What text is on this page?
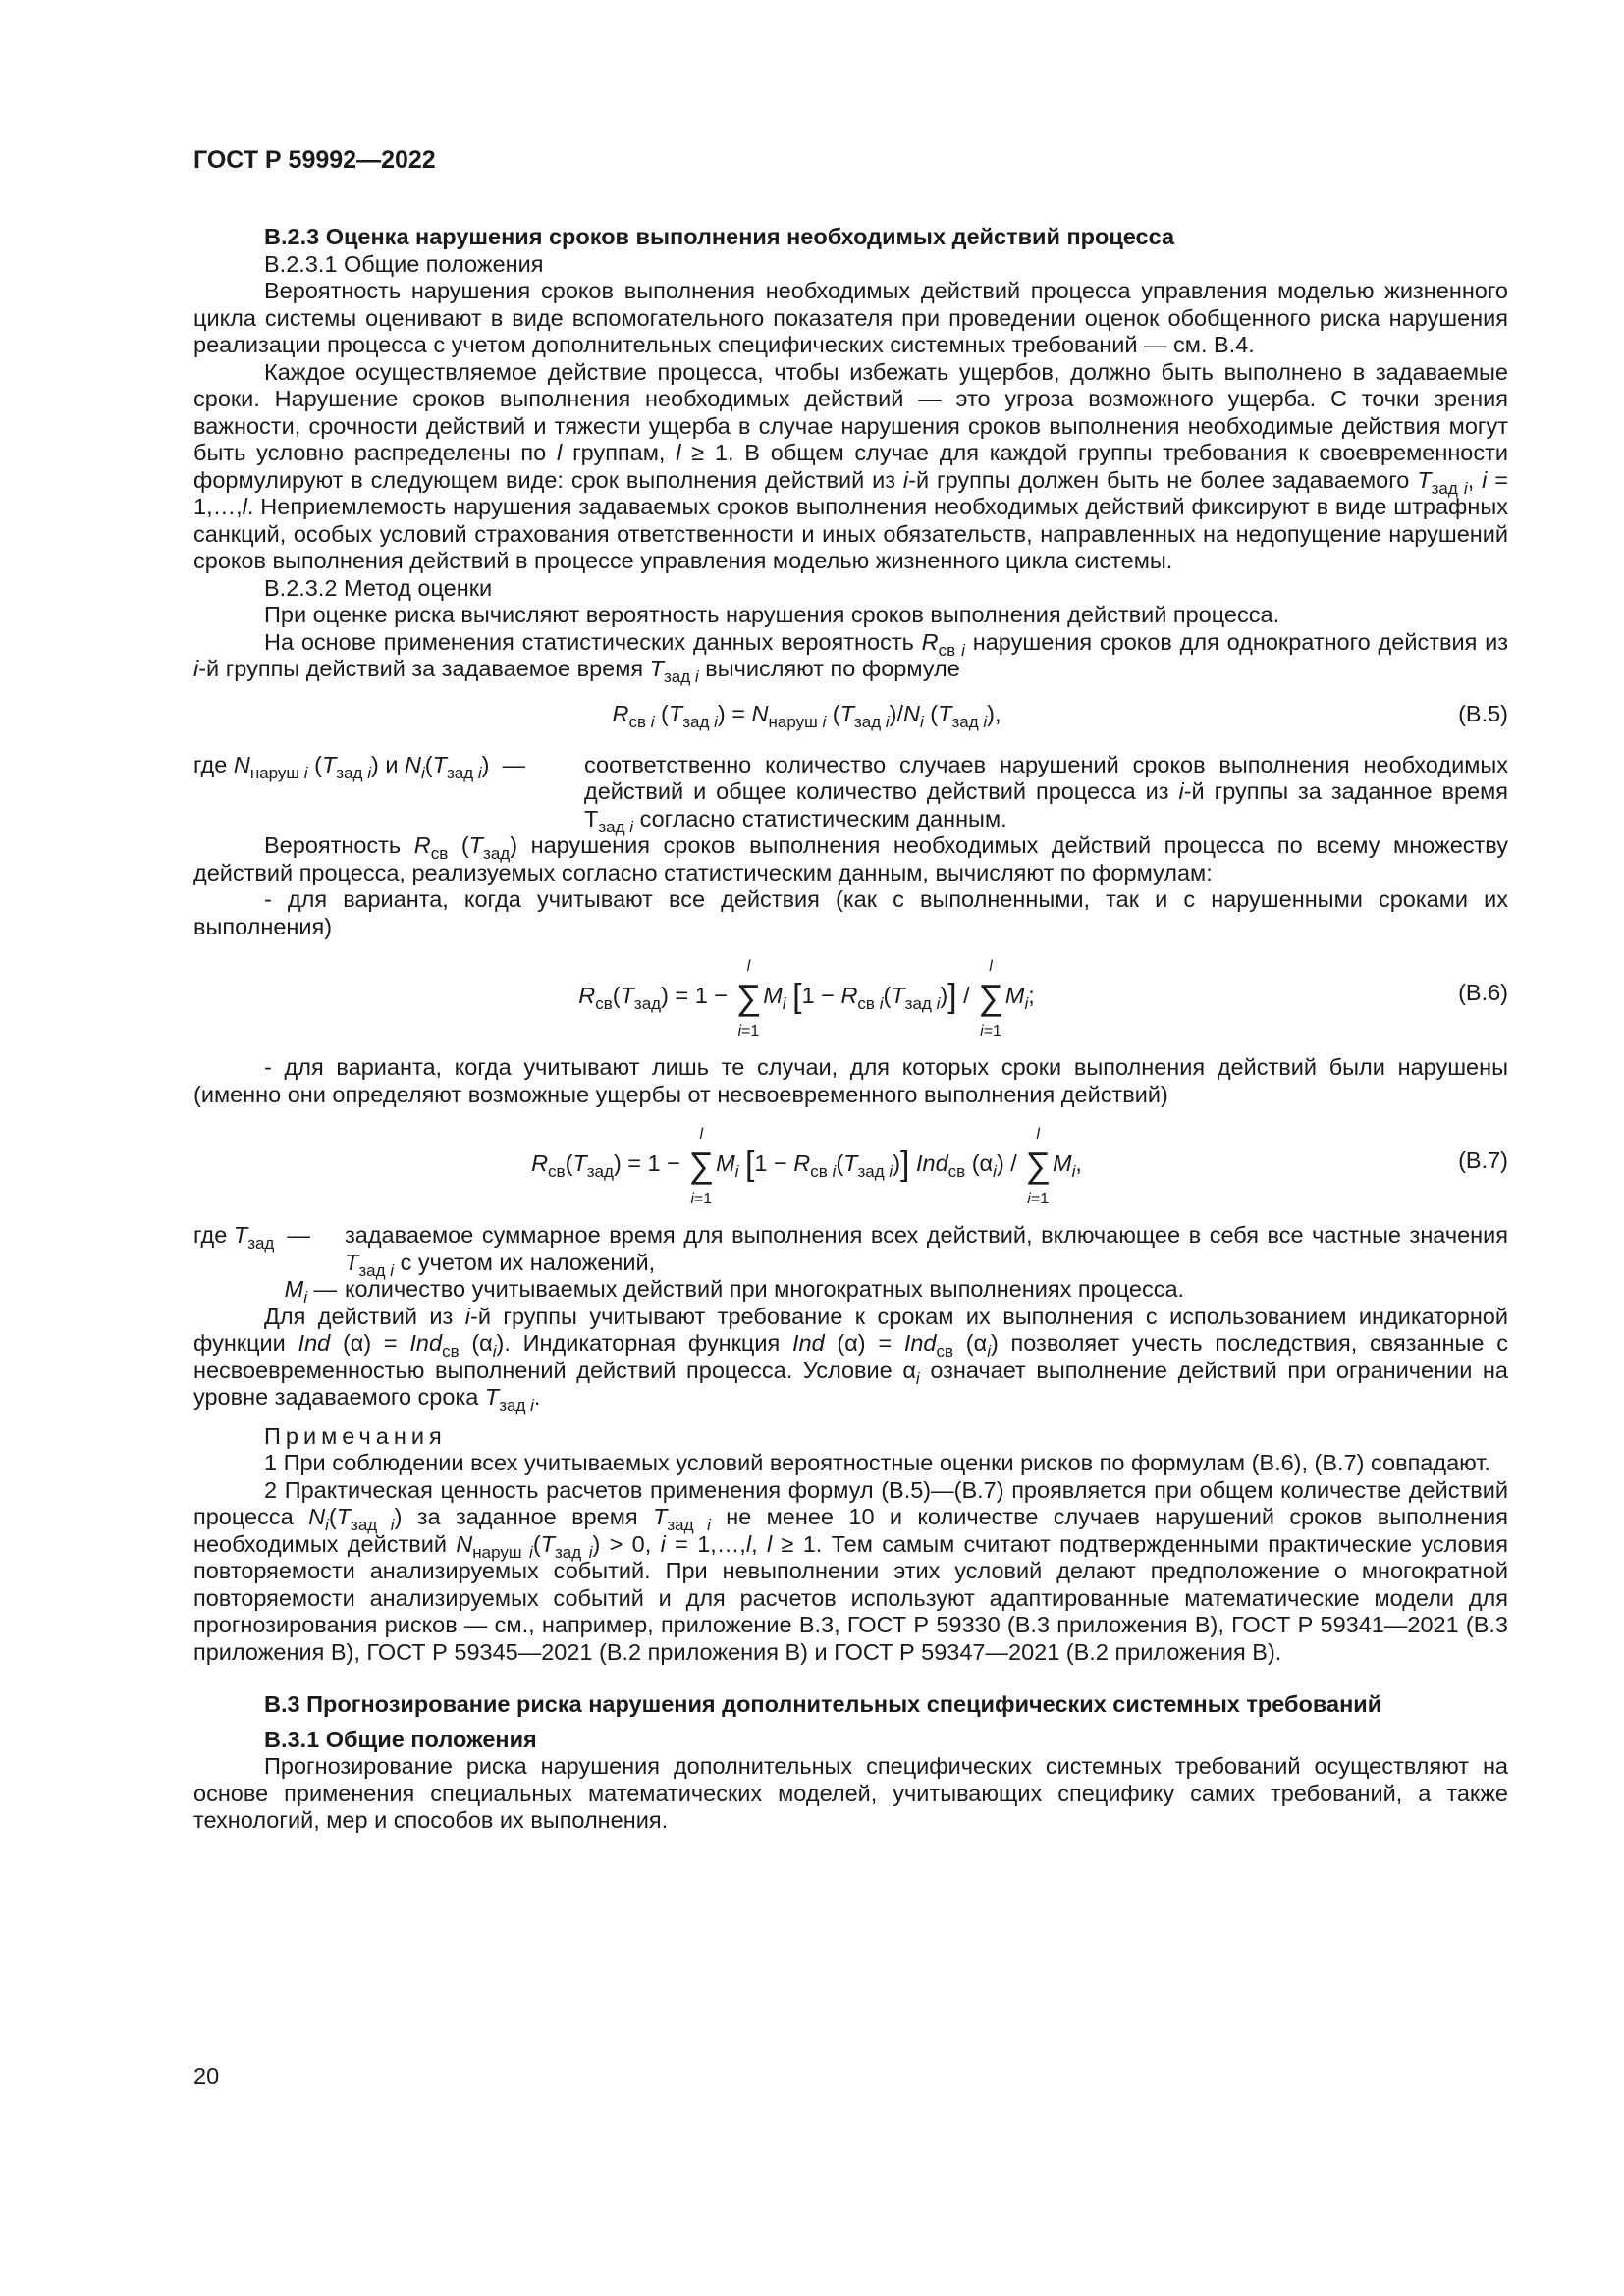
ГОСТ Р 59992—2022

В.2.3 Оценка нарушения сроков выполнения необходимых действий процесса

В.2.3.1 Общие положения

Вероятность нарушения сроков выполнения необходимых действий процесса управления моделью жизненного цикла системы оценивают в виде вспомогательного показателя при проведении оценок обобщенного риска нарушения реализации процесса с учетом дополнительных специфических системных требований — см. В.4.

Каждое осуществляемое действие процесса, чтобы избежать ущербов, должно быть выполнено в задаваемые сроки. Нарушение сроков выполнения необходимых действий — это угроза возможного ущерба. С точки зрения важности, срочности действий и тяжести ущерба в случае нарушения сроков выполнения необходимые действия могут быть условно распределены по l группам, l ≥ 1. В общем случае для каждой группы требования к своевременности формулируют в следующем виде: срок выполнения действий из i-й группы должен быть не более задаваемого $T_{зад i}$, i = 1,…,l. Неприемлемость нарушения задаваемых сроков выполнения необходимых действий фиксируют в виде штрафных санкций, особых условий страхования ответственности и иных обязательств, направленных на недопущение нарушений сроков выполнения действий в процессе управления моделью жизненного цикла системы.

В.2.3.2 Метод оценки

При оценке риска вычисляют вероятность нарушения сроков выполнения действий процесса.

На основе применения статистических данных вероятность $R_{св i}$ нарушения сроков для однократного действия из i-й группы действий за задаваемое время $T_{зад i}$ вычисляют по формуле

$R_{св i}$ $(T_{зад i}) = N_{наруш i}$ $(T_{зад i})/N_i$ $(T_{зад i})$,	(В.5)
где $N_{наруш i}$ $(T_{зад i})$ и $N_i(T_{зад i})$  —	соответственно количество случаев нарушений сроков выполнения необходимых действий и общее количество действий процесса из i-й группы за заданное время $Т_{зад i}$ согласно статистическим данным.

Вероятность $R_{св}$ $(T_{зад})$ нарушения сроков выполнения необходимых действий процесса по всему множеству действий процесса, реализуемых согласно статистическим данным, вычисляют по формулам:

- для варианта, когда учитывают все действия (как с выполненными, так и с нарушенными сроками их выполнения)

$R_{св}(T_{зад}) = 1$ −
l
∑
i=1
$M_i$ $[1 - R_{св i}(T_{зад i})]$ /
l
∑
i=1
$M_i$;	(В.6)

- для варианта, когда учитывают лишь те случаи, для которых сроки выполнения действий были нарушены (именно они определяют возможные ущербы от несвоевременного выполнения действий)

$R_{св}(T_{зад}) = 1$ −
l
∑
i=1
$M_i$ $[1 - R_{св i}(T_{зад i})]$ Ind$_{св}$ $(\alpha_i)$ /
l
∑
i=1
$M_i$,	(В.7)
где $T_{зад}$  —	задаваемое суммарное время для выполнения всех действий, включающее в себя все частные значения $T_{зад i}$ с учетом их наложений,
$M_i$ — количество учитываемых действий при многократных выполнениях процесса.

Для действий из i-й группы учитывают требование к срокам их выполнения с использованием индикаторной функции Ind (α) = Ind$_{св}$ $(\alpha_i)$. Индикаторная функция Ind (α) = Ind$_{св}$ $(\alpha_i)$ позволяет учесть последствия, связанные с несвоевременностью выполнений действий процесса. Условие $\alpha_i$ означает выполнение действий при ограничении на уровне задаваемого срока $T_{зад i}$.

Примечания

1 При соблюдении всех учитываемых условий вероятностные оценки рисков по формулам (В.6), (В.7) совпадают.

2 Практическая ценность расчетов применения формул (В.5)—(В.7) проявляется при общем количестве действий процесса $N_i(T_{зад i})$ за заданное время $T_{зад i}$ не менее 10 и количестве случаев нарушений сроков выполнения необходимых действий $N_{наруш i}(T_{зад i}) > 0$, i = 1,…,l, l ≥ 1. Тем самым считают подтвержденными практические условия повторяемости анализируемых событий. При невыполнении этих условий делают предположение о многократной повторяемости анализируемых событий и для расчетов используют адаптированные математические модели для прогнозирования рисков — см., например, приложение В.3, ГОСТ Р 59330 (В.3 приложения В), ГОСТ Р 59341—2021 (В.3 приложения В), ГОСТ Р 59345—2021 (В.2 приложения В) и ГОСТ Р 59347—2021 (В.2 приложения В).

В.3 Прогнозирование риска нарушения дополнительных специфических системных требований

В.3.1 Общие положения

Прогнозирование риска нарушения дополнительных специфических системных требований осуществляют на основе применения специальных математических моделей, учитывающих специфику самих требований, а также технологий, мер и способов их выполнения.

20
